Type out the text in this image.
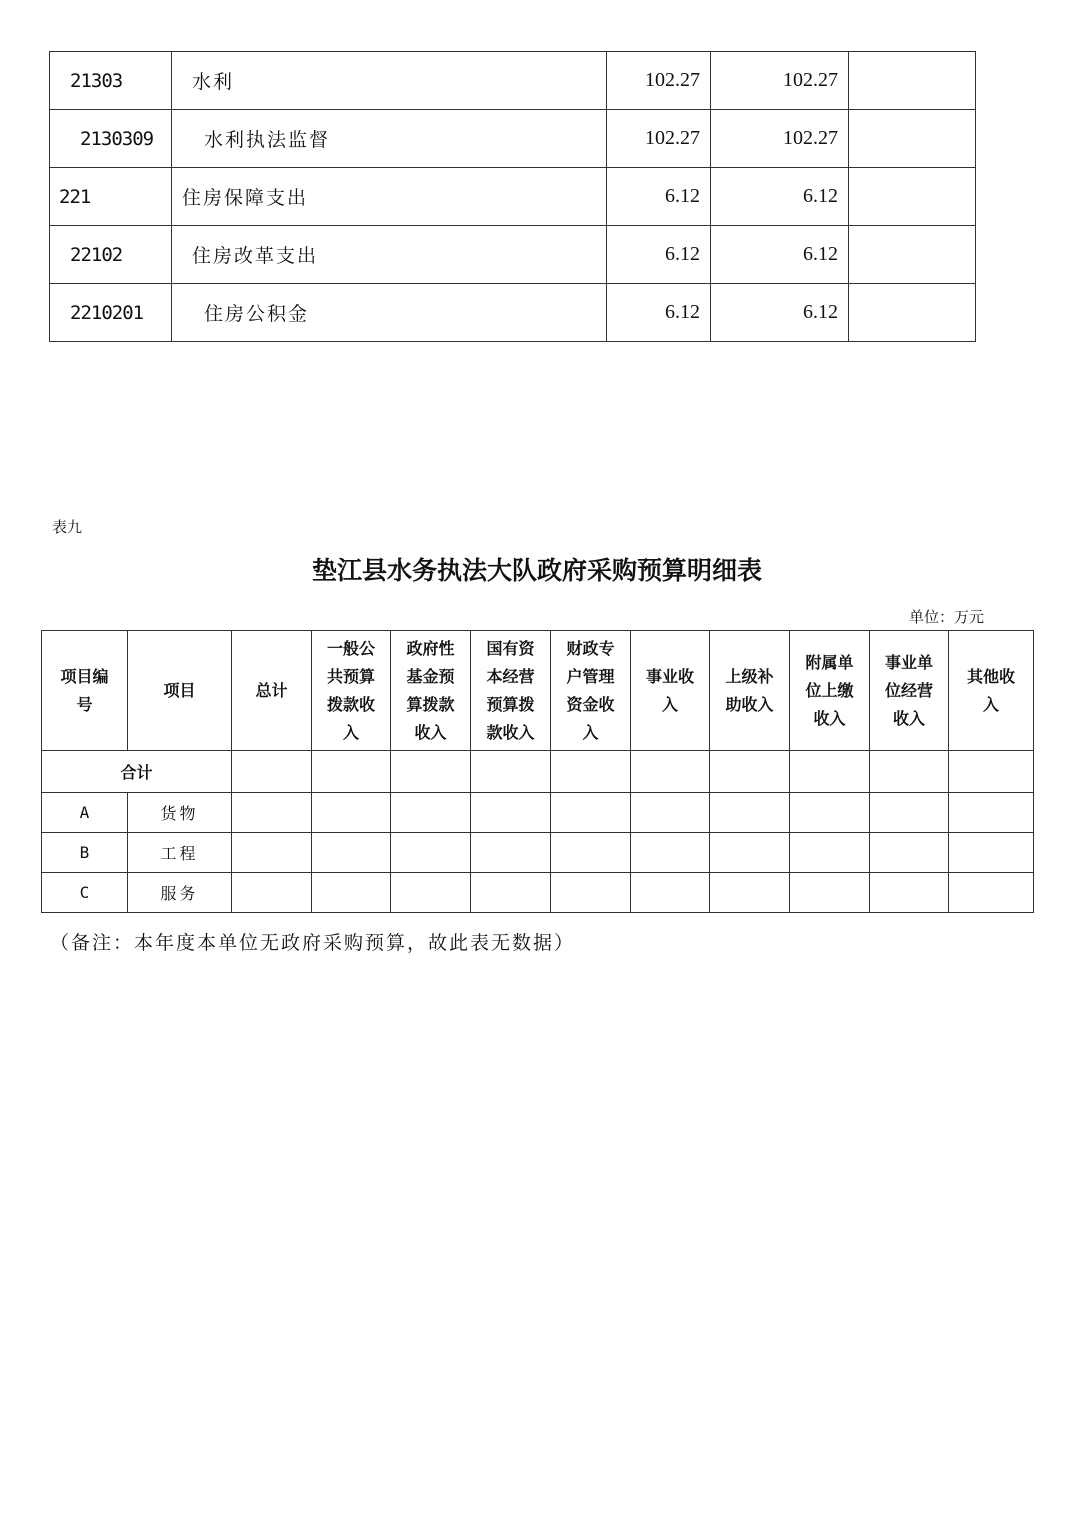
21303	水利	102.27	102.27	
2130309	水利执法监督	102.27	102.27	
221	住房保障支出	6.12	6.12	
22102	住房改革支出	6.12	6.12	
2210201	住房公积金	6.12	6.12	
表九
垫江县水务执法大队政府采购预算明细表
单位：万元
项目编号	项目	总计	一般公共预算拨款收入	政府性基金预算拨款收入	国有资本经营预算拨款收入	财政专户管理资金收入	事业收入	上级补助收入	附属单位上缴收入	事业单位经营收入	其他收入
合计											
A	货物										
B	工程										
C	服务										
（备注：本年度本单位无政府采购预算，故此表无数据）
